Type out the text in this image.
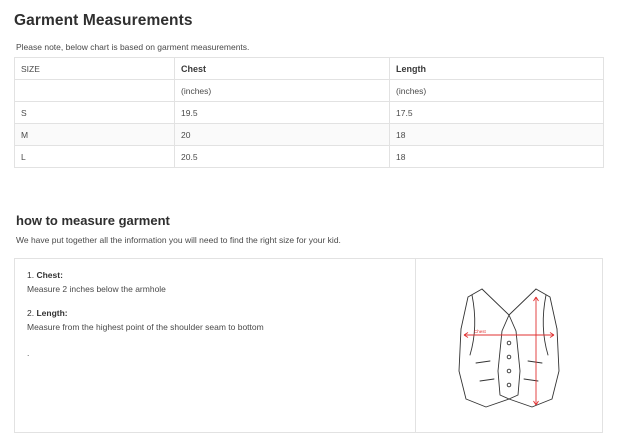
Garment Measurements

Please note, below chart is based on garment measurements.

SIZE	Chest	Length
	(inches)	(inches)
S	19.5	17.5
M	20	18
L	20.5	18
how to measure garment

We have put together all the information you will need to find the right size for your kid.

1. Chest:

Measure 2 inches below the armhole

2. Length:

Measure from the highest point of the shoulder seam to bottom

.

Chest
